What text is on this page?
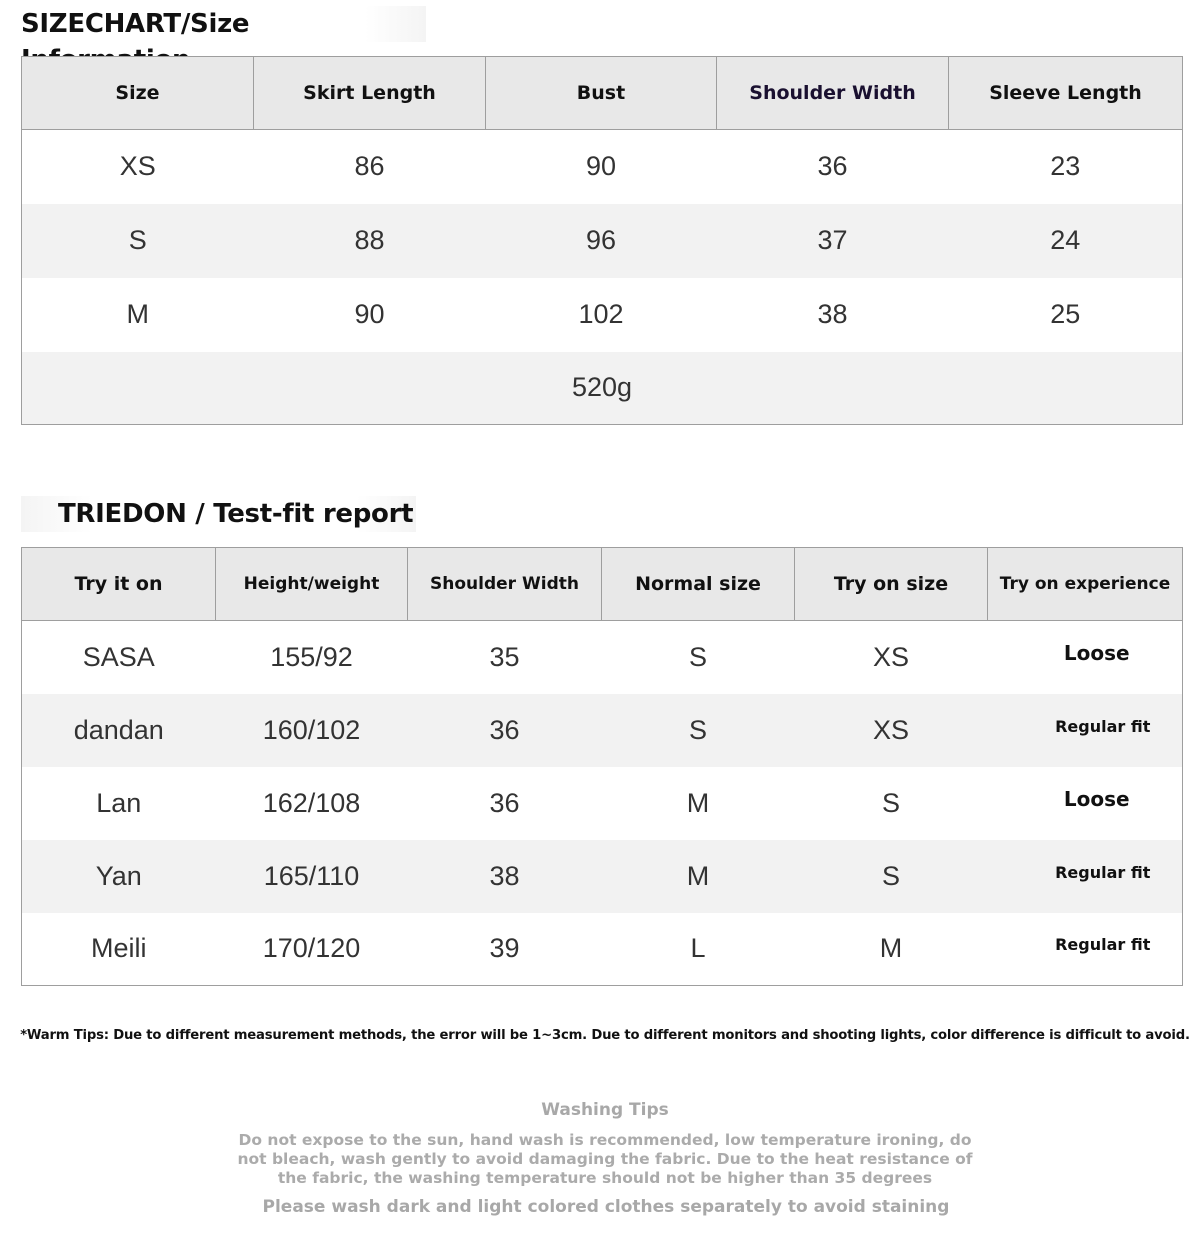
SIZECHART/Size
Size	Skirt Length	Bust	Shoulder Width	Sleeve Length
XS	86	90	36	23
S	88	96	37	24
M	90	102	38	25
520g				
TRIEDON / Test-fit report
Try it on	Height/weight	Shoulder Width	Normal size	Try on size	Try on experience
SASA	155/92	35	S	XS	Loose
dandan	160/102	36	S	XS	Regular fit
Lan	162/108	36	M	S	Loose
Yan	165/110	38	M	S	Regular fit
Meili	170/120	39	L	M	Regular fit
*Warm Tips: Due to different measurement methods, the error will be 1~3cm. Due to different monitors and shooting lights, color difference is difficult to avoid.
Washing Tips
Do not expose to the sun, hand wash is recommended, low temperature ironing, do not bleach, wash gently to avoid damaging the fabric. Due to the heat resistance of the fabric, the washing temperature should not be higher than 35 degrees
Please wash dark and light colored clothes separately to avoid staining
